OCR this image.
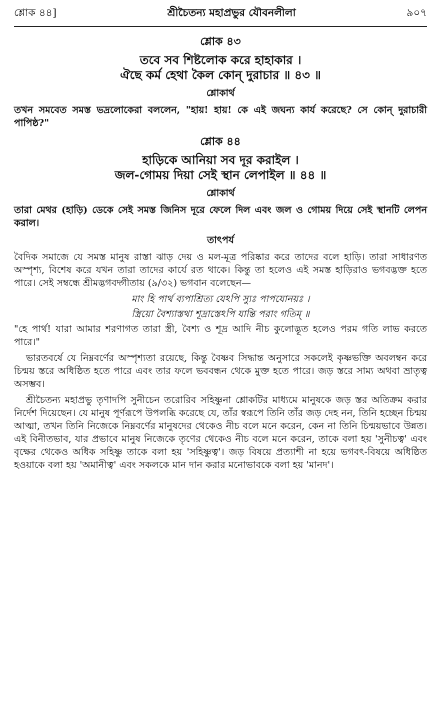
শ্লোক ৪৪]	শ্রীচৈতন্য মহাপ্রভুর যৌবনলীলা	৯০৭
শ্লোক ৪৩
তবে সব শিষ্টলোক করে হাহাকার ।
ঐছে কর্ম হেথা কৈল কোন্ দুরাচার ॥ ৪৩ ॥
শ্লোকার্থ

তখন সমবেত সমস্ত ভদ্রলোকেরা বললেন, "হায়! হায়! কে এই জঘন্য কার্য করেছে? সে কোন্ দুরাচারী পাপিষ্ঠ?"

শ্লোক ৪৪
হাড়িকে আনিয়া সব দূর করাইল ।
জল-গোময় দিয়া সেই স্থান লেপাইল ॥ ৪৪ ॥
শ্লোকার্থ

তারা মেথর (হাড়ি) ডেকে সেই সমস্ত জিনিস দূরে ফেলে দিল এবং জল ও গোময় দিয়ে সেই স্থানটি লেপন করাল।

তাৎপর্য

বৈদিক সমাজে যে সমস্ত মানুষ রাস্তা ঝাড় দেয় ও মল-মূত্র পরিষ্কার করে তাদের বলে হাড়ি। তারা সাধারণত অস্পৃশ্য, বিশেষ করে যখন তারা তাদের কার্যে রত থাকে। কিন্তু তা হলেও এই সমস্ত হাড়িরাও ভগবদ্ভক্ত হতে পারে। সেই সম্বন্ধে শ্রীমদ্ভগবদ্গীতায় (৯/৩২) ভগবান বলেছেন—

মাং হি পার্থ ব্যপাশ্রিত্য যেঽপি স্যুঃ পাপযোনয়ঃ ।
স্ত্রিয়ো বৈশ্যাস্তথা শূদ্রাস্তেঽপি যান্তি পরাং গতিম্ ॥

"হে পার্থ! যারা আমার শরণাগত তারা স্ত্রী, বৈশ্য ও শূদ্র আদি নীচ কুলোদ্ভূত হলেও পরম গতি লাভ করতে পারে।"

ভারতবর্ষে যে নিম্নবর্ণের অস্পৃশ্যতা রয়েছে, কিন্তু বৈষ্ণব সিদ্ধান্ত অনুসারে সকলেই কৃষ্ণভক্তি অবলম্বন করে চিন্ময় স্তরে অধিষ্ঠিত হতে পারে এবং তার ফলে ভববন্ধন থেকে মুক্ত হতে পারে। জড় স্তরে সাম্য অথবা ভ্রাতৃত্ব অসম্ভব।

শ্রীচৈতন্য মহাপ্রভু তৃণাদপি সুনীচেন তরোরিব সহিষ্ণুনা শ্লোকটির মাধ্যমে মানুষকে জড় স্তর অতিক্রম করার নির্দেশ দিয়েছেন। যে মানুষ পূর্ণরূপে উপলব্ধি করেছে যে, তাঁর স্বরূপে তিনি তাঁর জড় দেহ নন, তিনি হচ্ছেন চিন্ময় আত্মা, তখন তিনি নিজেকে নিম্নবর্ণের মানুষদের থেকেও নীচ বলে মনে করেন, কেন না তিনি চিন্ময়ভাবে উন্নত। এই বিনীতভাব, যার প্রভাবে মানুষ নিজেকে তৃণের থেকেও নীচ বলে মনে করেন, তাকে বলা হয় 'সুনীচত্ব' এবং বৃক্ষের থেকেও অধিক সহিষ্ণু তাকে বলা হয় 'সহিষ্ণুত্ব'। জড় বিষয়ে প্রত্যাশী না হয়ে ভগবৎ-বিষয়ে অধিষ্ঠিত হওয়াকে বলা হয় 'অমানীত্ব' এবং সকলকে মান দান করার মনোভাবকে বলা হয় 'মানদ'।
